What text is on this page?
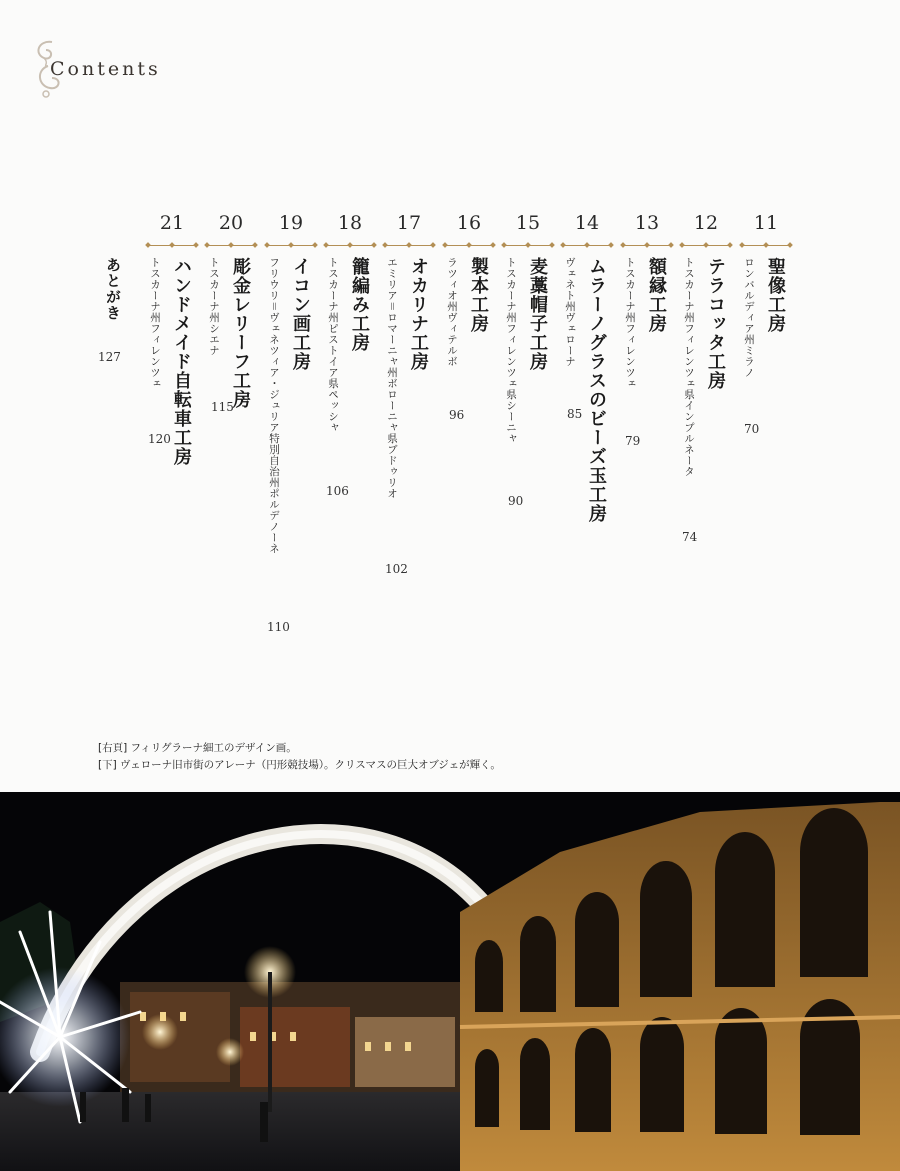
Contents
11
聖像工房
ロンバルディア州ミラノ
70
12
テラコッタ工房
トスカーナ州フィレンツェ県インプルネータ
74
13
額縁工房
トスカーナ州フィレンツェ
79
14
ムラーノグラスのビーズ玉工房
ヴェネト州ヴェローナ
85
15
麦藁帽子工房
トスカーナ州フィレンツェ県シーニャ
90
16
製本工房
ラツィオ州ヴィテルボ
96
17
オカリナ工房
エミリア＝ロマーニャ州ボローニャ県ブドゥリオ
102
18
籠編み工房
トスカーナ州ピストイア県ペッシャ
106
19
イコン画工房
フリウリ＝ヴェネツィア・ジュリア特別自治州ポルデノーネ
110
20
彫金レリーフ工房
トスカーナ州シエナ
115
21
ハンドメイド自転車工房
トスカーナ州フィレンツェ
120
あとがき
127
[右頁] フィリグラーナ細工のデザイン画。
[下] ヴェローナ旧市街のアレーナ（円形競技場）。クリスマスの巨大オブジェが輝く。
